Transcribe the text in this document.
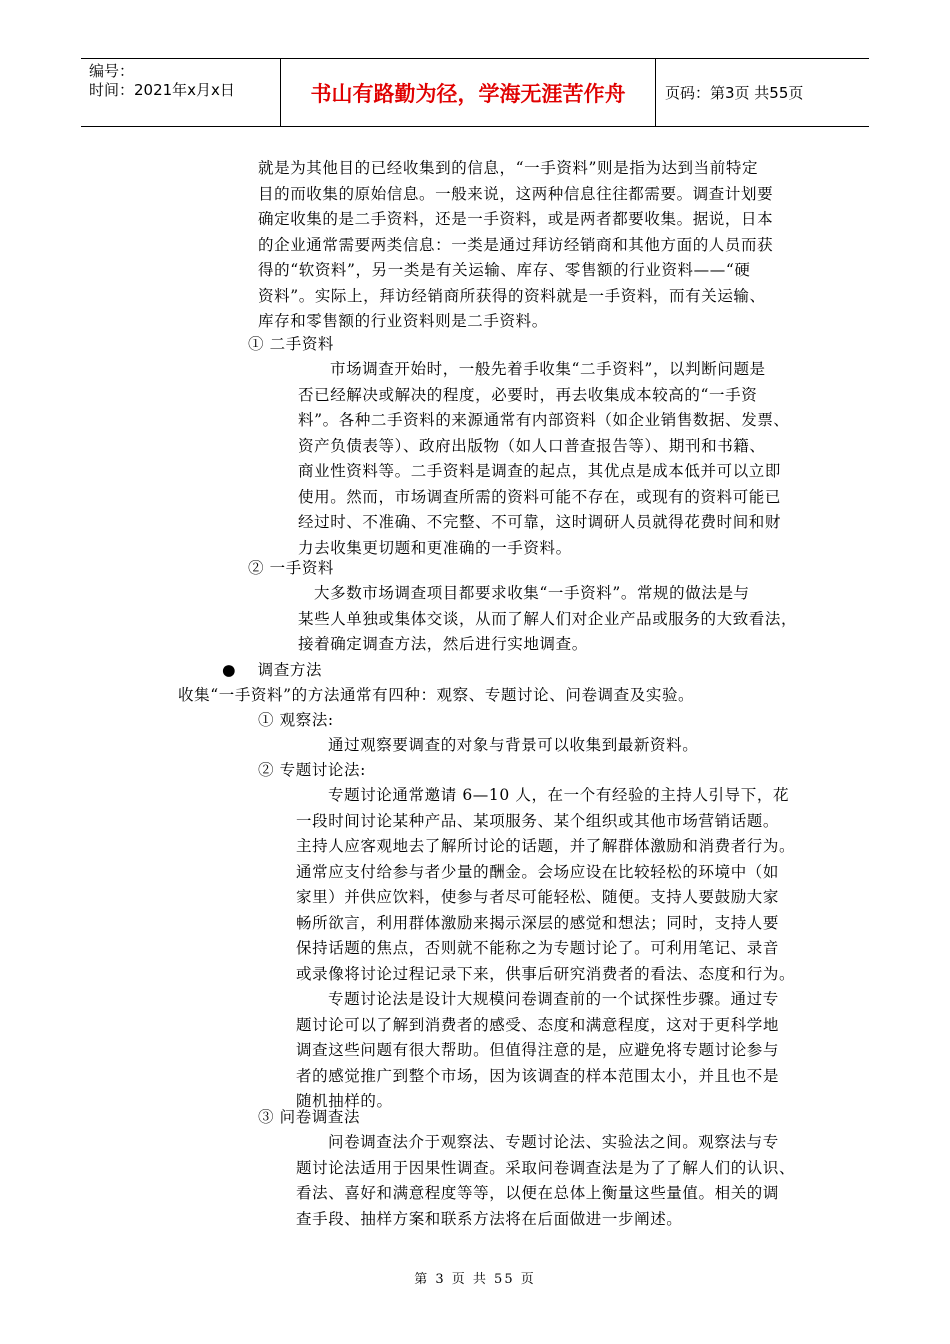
编号：
时间：2021年x月x日	书山有路勤为径，学海无涯苦作舟	页码：第3页 共55页
就是为其他目的已经收集到的信息，“一手资料”则是指为达到当前特定
目的而收集的原始信息。一般来说，这两种信息往往都需要。调查计划要
确定收集的是二手资料，还是一手资料，或是两者都要收集。据说，日本
的企业通常需要两类信息：一类是通过拜访经销商和其他方面的人员而获
得的“软资料”，另一类是有关运输、库存、零售额的行业资料——“硬
资料”。实际上，拜访经销商所获得的资料就是一手资料，而有关运输、
库存和零售额的行业资料则是二手资料。
① 二手资料
市场调查开始时，一般先着手收集“二手资料”，以判断问题是
否已经解决或解决的程度，必要时，再去收集成本较高的“一手资
料”。各种二手资料的来源通常有内部资料（如企业销售数据、发票、
资产负债表等）、政府出版物（如人口普查报告等）、期刊和书籍、
商业性资料等。二手资料是调查的起点，其优点是成本低并可以立即
使用。然而，市场调查所需的资料可能不存在，或现有的资料可能已
经过时、不准确、不完整、不可靠，这时调研人员就得花费时间和财
力去收集更切题和更准确的一手资料。
② 一手资料
大多数市场调查项目都要求收集“一手资料”。常规的做法是与
某些人单独或集体交谈，从而了解人们对企业产品或服务的大致看法，
接着确定调查方法，然后进行实地调查。
● 调查方法
收集“一手资料”的方法通常有四种：观察、专题讨论、问卷调查及实验。
① 观察法:
通过观察要调查的对象与背景可以收集到最新资料。
② 专题讨论法:
专题讨论通常邀请 6—10 人，在一个有经验的主持人引导下，花
一段时间讨论某种产品、某项服务、某个组织或其他市场营销话题。
主持人应客观地去了解所讨论的话题，并了解群体激励和消费者行为。
通常应支付给参与者少量的酬金。会场应设在比较轻松的环境中（如
家里）并供应饮料，使参与者尽可能轻松、随便。支持人要鼓励大家
畅所欲言，利用群体激励来揭示深层的感觉和想法；同时，支持人要
保持话题的焦点，否则就不能称之为专题讨论了。可利用笔记、录音
或录像将讨论过程记录下来，供事后研究消费者的看法、态度和行为。
专题讨论法是设计大规模问卷调查前的一个试探性步骤。通过专
题讨论可以了解到消费者的感受、态度和满意程度，这对于更科学地
调查这些问题有很大帮助。但值得注意的是，应避免将专题讨论参与
者的感觉推广到整个市场，因为该调查的样本范围太小，并且也不是
随机抽样的。
③ 问卷调查法
问卷调查法介于观察法、专题讨论法、实验法之间。观察法与专
题讨论法适用于因果性调查。采取问卷调查法是为了了解人们的认识、
看法、喜好和满意程度等等，以便在总体上衡量这些量值。相关的调
查手段、抽样方案和联系方法将在后面做进一步阐述。
第 3 页 共 55 页
